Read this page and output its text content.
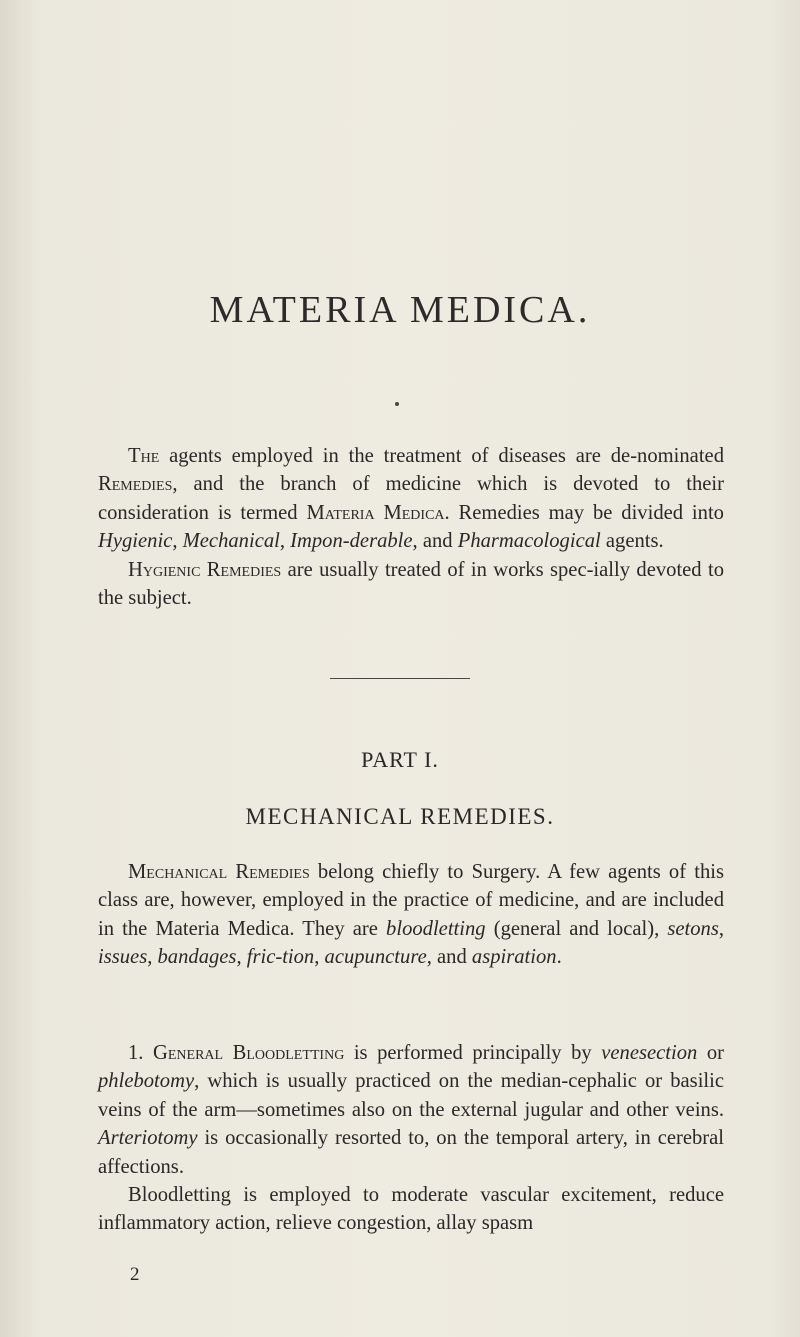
MATERIA MEDICA.

The agents employed in the treatment of diseases are de-nominated Remedies, and the branch of medicine which is devoted to their consideration is termed Materia Medica. Remedies may be divided into Hygienic, Mechanical, Impon-derable, and Pharmacological agents.

Hygienic Remedies are usually treated of in works spec-ially devoted to the subject.

PART I.
MECHANICAL REMEDIES.

Mechanical Remedies belong chiefly to Surgery. A few agents of this class are, however, employed in the practice of medicine, and are included in the Materia Medica. They are bloodletting (general and local), setons, issues, bandages, fric-tion, acupuncture, and aspiration.

1. General Bloodletting is performed principally by venesection or phlebotomy, which is usually practiced on the median-cephalic or basilic veins of the arm—sometimes also on the external jugular and other veins. Arteriotomy is occasionally resorted to, on the temporal artery, in cerebral affections.

Bloodletting is employed to moderate vascular excitement, reduce inflammatory action, relieve congestion, allay spasm

2
